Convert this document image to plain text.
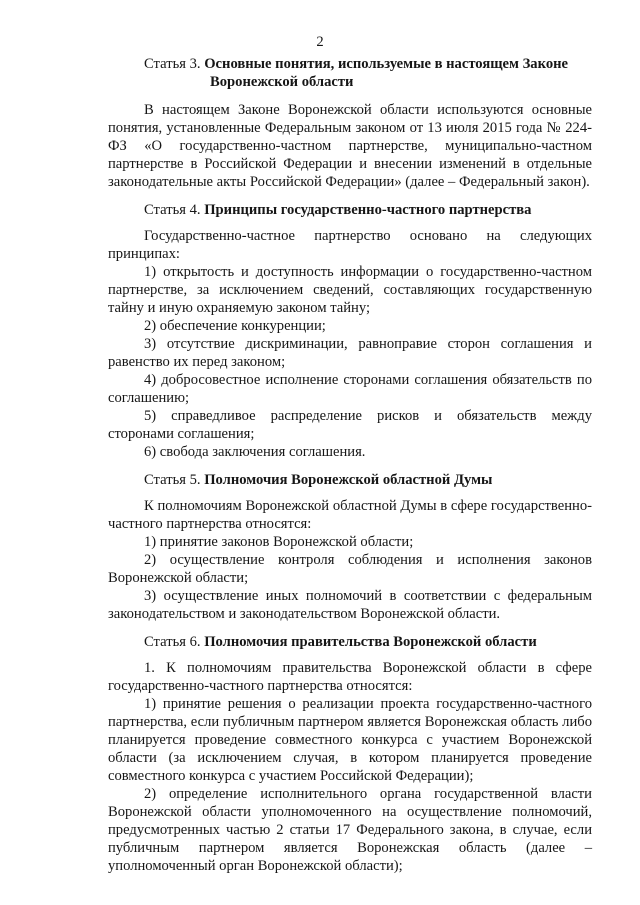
2

Статья 3. Основные понятия, используемые в настоящем Законе Воронежской области

В настоящем Законе Воронежской области используются основные понятия, установленные Федеральным законом от 13 июля 2015 года № 224-ФЗ «О государственно-частном партнерстве, муниципально-частном партнерстве в Российской Федерации и внесении изменений в отдельные законодательные акты Российской Федерации» (далее – Федеральный закон).

Статья 4. Принципы государственно-частного партнерства

Государственно-частное партнерство основано на следующих принципах:

1) открытость и доступность информации о государственно-частном партнерстве, за исключением сведений, составляющих государственную тайну и иную охраняемую законом тайну;

2) обеспечение конкуренции;

3) отсутствие дискриминации, равноправие сторон соглашения и равенство их перед законом;

4) добросовестное исполнение сторонами соглашения обязательств по соглашению;

5) справедливое распределение рисков и обязательств между сторонами соглашения;

6) свобода заключения соглашения.

Статья 5. Полномочия Воронежской областной Думы

К полномочиям Воронежской областной Думы в сфере государственно-частного партнерства относятся:

1) принятие законов Воронежской области;

2) осуществление контроля соблюдения и исполнения законов Воронежской области;

3) осуществление иных полномочий в соответствии с федеральным законодательством и законодательством Воронежской области.

Статья 6. Полномочия правительства Воронежской области

1. К полномочиям правительства Воронежской области в сфере государственно-частного партнерства относятся:

1) принятие решения о реализации проекта государственно-частного партнерства, если публичным партнером является Воронежская область либо планируется проведение совместного конкурса с участием Воронежской области (за исключением случая, в котором планируется проведение совместного конкурса с участием Российской Федерации);

2) определение исполнительного органа государственной власти Воронежской области уполномоченного на осуществление полномочий, предусмотренных частью 2 статьи 17 Федерального закона, в случае, если публичным партнером является Воронежская область (далее – уполномоченный орган Воронежской области);
